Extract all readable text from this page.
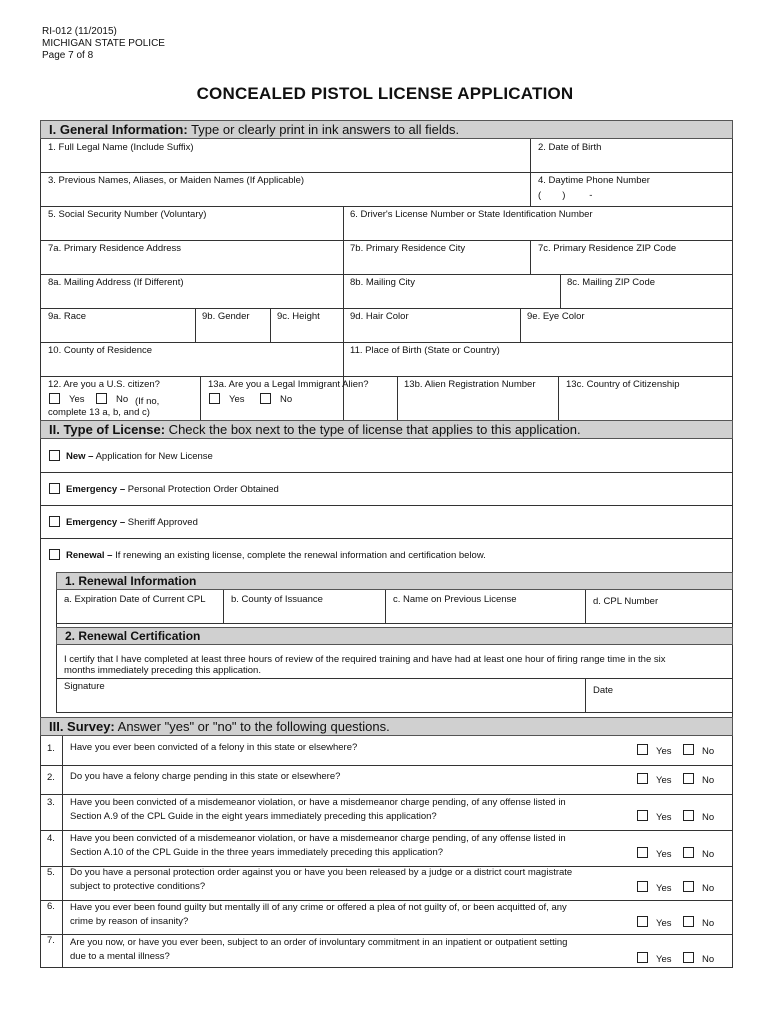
RI-012 (11/2015)
MICHIGAN STATE POLICE
Page 7 of 8
CONCEALED PISTOL LICENSE APPLICATION
I. General Information: Type or clearly print in ink answers to all fields.
1. Full Legal Name (Include Suffix)	2. Date of Birth
3. Previous Names, Aliases, or Maiden Names (If Applicable)	4. Daytime Phone Number
(        )         -
5. Social Security Number (Voluntary)	6. Driver's License Number or State Identification Number
7a. Primary Residence Address	7b. Primary Residence City	7c. Primary Residence ZIP Code
8a. Mailing Address (If Different)	8b. Mailing City	8c. Mailing ZIP Code
9a. Race	9b. Gender	9c. Height	9d. Hair Color	9e. Eye Color
10. County of Residence	11. Place of Birth (State or Country)
12. Are you a U.S. citizen?
Yes	No (If no,
complete 13 a, b, and c)
13a. Are you a Legal Immigrant Alien?
Yes	No
13b. Alien Registration Number	13c. Country of Citizenship
II. Type of License: Check the box next to the type of license that applies to this application.
New – Application for New License
Emergency – Personal Protection Order Obtained
Emergency – Sheriff Approved
Renewal – If renewing an existing license, complete the renewal information and certification below.
1. Renewal Information
a. Expiration Date of Current CPL	b. County of Issuance	c. Name on Previous License	d. CPL Number
2. Renewal Certification
I certify that I have completed at least three hours of review of the required training and have had at least one hour of firing range time in the six
months immediately preceding this application.
Signature	Date
III. Survey: Answer "yes" or "no" to the following questions.
1. Have you ever been convicted of a felony in this state or elsewhere?	Yes	No
2. Do you have a felony charge pending in this state or elsewhere?	Yes	No
3. Have you been convicted of a misdemeanor violation, or have a misdemeanor charge pending, of any offense listed in
Section A.9 of the CPL Guide in the eight years immediately preceding this application?	Yes	No
4. Have you been convicted of a misdemeanor violation, or have a misdemeanor charge pending, of any offense listed in
Section A.10 of the CPL Guide in the three years immediately preceding this application?	Yes	No
5. Do you have a personal protection order against you or have you been released by a judge or a district court magistrate
subject to protective conditions?	Yes	No
6. Have you ever been found guilty but mentally ill of any crime or offered a plea of not guilty of, or been acquitted of, any
crime by reason of insanity?	Yes	No
7. Are you now, or have you ever been, subject to an order of involuntary commitment in an inpatient or outpatient setting
due to a mental illness?	Yes	No
